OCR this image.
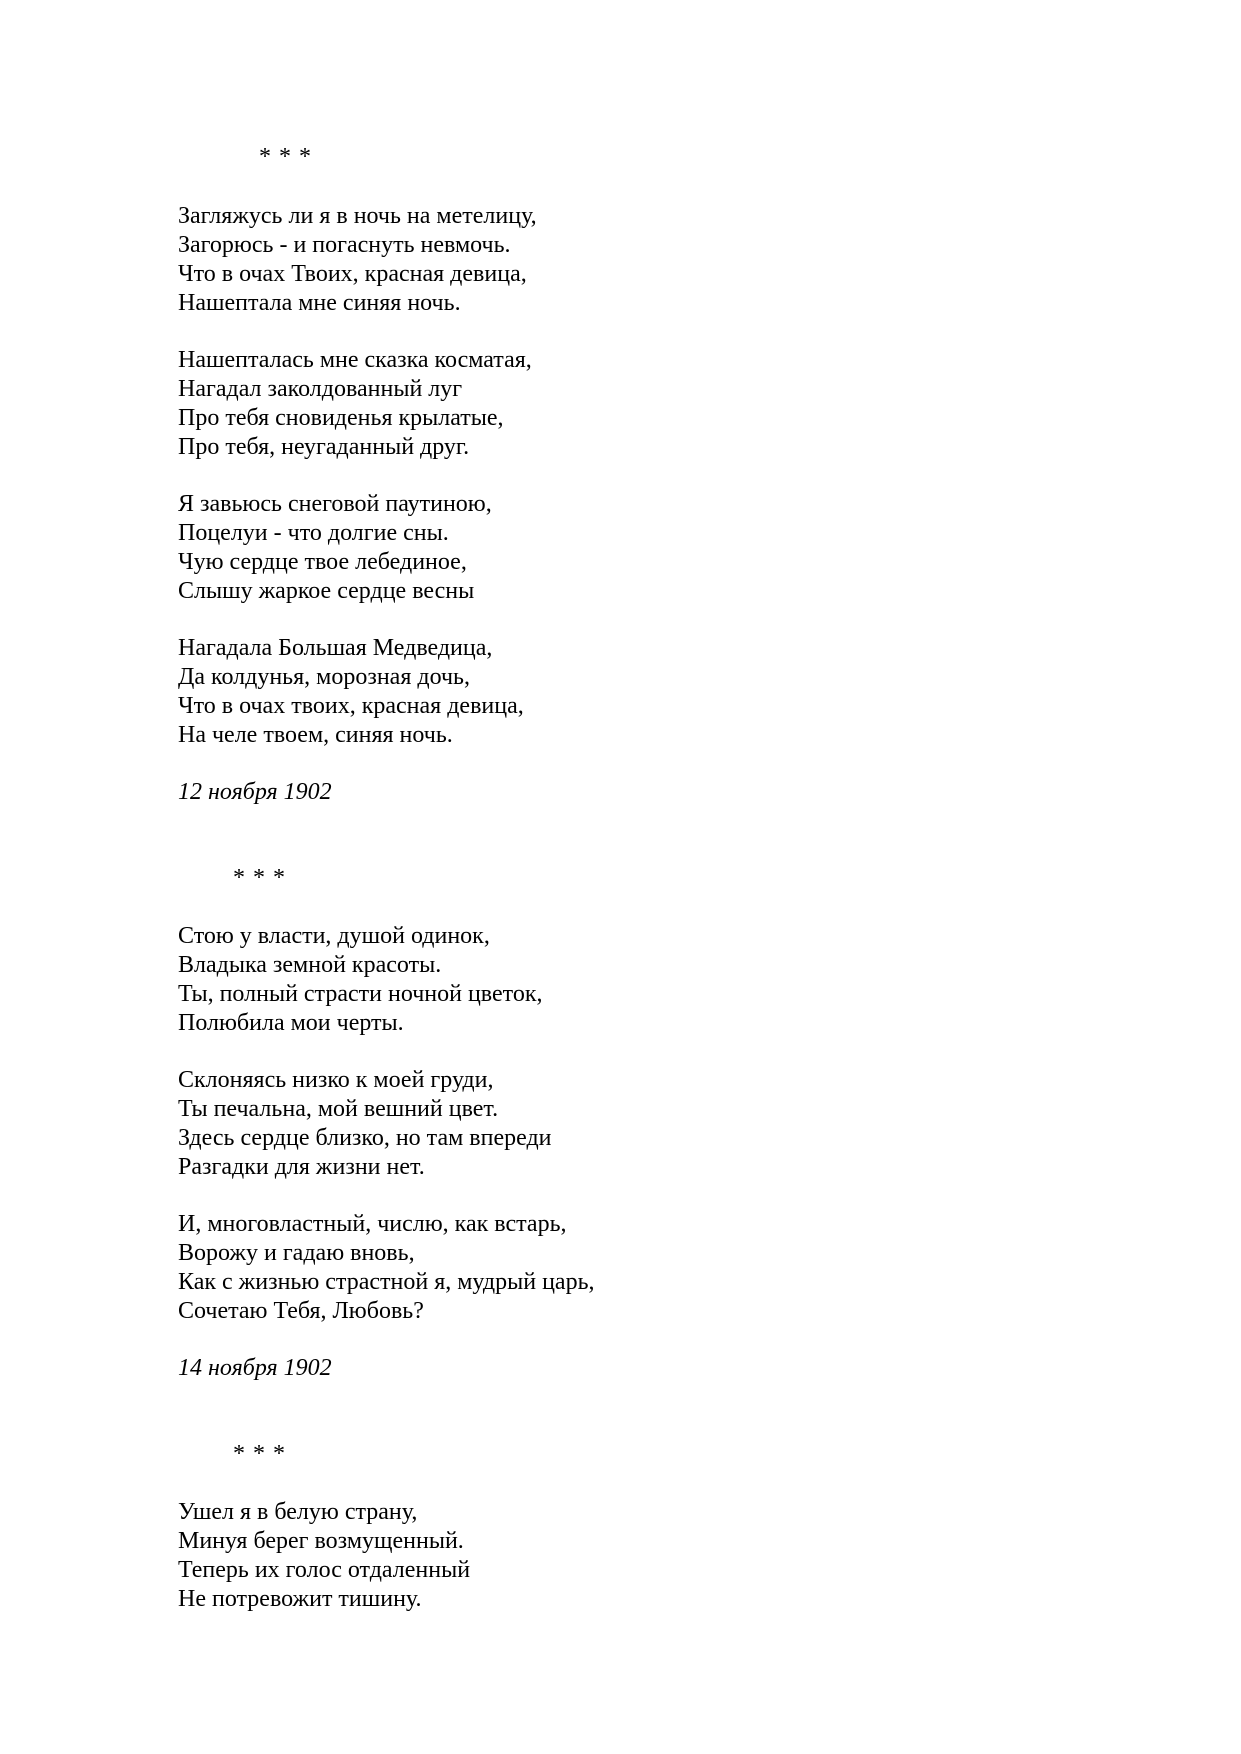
* * *
Загляжусь ли я в ночь на метелицу,
Загорюсь - и погаснуть невмочь.
Что в очах Твоих, красная девица,
Нашептала мне синяя ночь.
Нашепталась мне сказка косматая,
Нагадал заколдованный луг
Про тебя сновиденья крылатые,
Про тебя, неугаданный друг.
Я завьюсь снеговой паутиною,
Поцелуи - что долгие сны.
Чую сердце твое лебединое,
Слышу жаркое сердце весны
Нагадала Большая Медведица,
Да колдунья, морозная дочь,
Что в очах твоих, красная девица,
На челе твоем, синяя ночь.
12 ноября 1902
* * *
Стою у власти, душой одинок,
Владыка земной красоты.
Ты, полный страсти ночной цветок,
Полюбила мои черты.
Склоняясь низко к моей груди,
Ты печальна, мой вешний цвет.
Здесь сердце близко, но там впереди
Разгадки для жизни нет.
И, многовластный, числю, как встарь,
Ворожу и гадаю вновь,
Как с жизнью страстной я, мудрый царь,
Сочетаю Тебя, Любовь?
14 ноября 1902
* * *
Ушел я в белую страну,
Минуя берег возмущенный.
Теперь их голос отдаленный
Не потревожит тишину.
